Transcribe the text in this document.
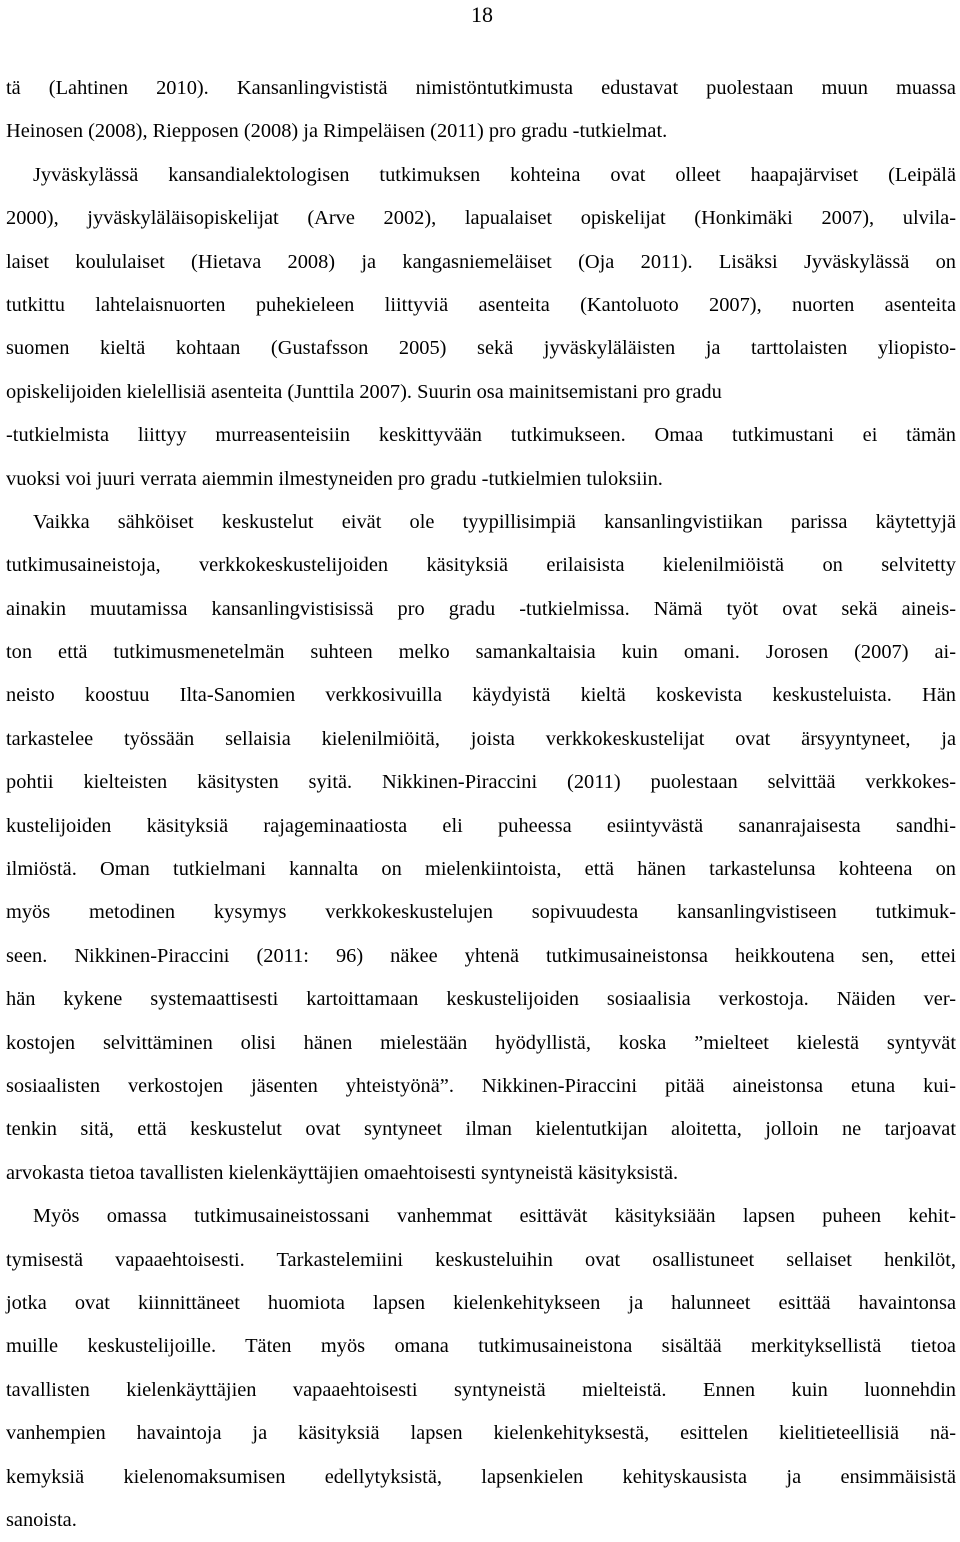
18
tä (Lahtinen 2010). Kansanlingvististä nimistöntutkimusta edustavat puolestaan muun muassa
Heinosen (2008), Riepposen (2008) ja Rimpeläisen (2011) pro gradu -tutkielmat.
Jyväskylässä kansandialektologisen tutkimuksen kohteina ovat olleet haapajärviset (Leipälä
2000), jyväskyläläisopiskelijat (Arve 2002), lapualaiset opiskelijat (Honkimäki 2007), ulvila-
laiset koululaiset (Hietava 2008) ja kangasniemeläiset (Oja 2011). Lisäksi Jyväskylässä on
tutkittu lahtelaisnuorten puhekieleen liittyviä asenteita (Kantoluoto 2007), nuorten asenteita
suomen kieltä kohtaan (Gustafsson 2005) sekä jyväskyläläisten ja tarttolaisten yliopisto-
opiskelijoiden kielellisiä asenteita (Junttila 2007). Suurin osa mainitsemistani pro gradu
-tutkielmista liittyy murreasenteisiin keskittyvään tutkimukseen. Omaa tutkimustani ei tämän
vuoksi voi juuri verrata aiemmin ilmestyneiden pro gradu -tutkielmien tuloksiin.
Vaikka sähköiset keskustelut eivät ole tyypillisimpiä kansanlingvistiikan parissa käytettyjä
tutkimusaineistoja, verkkokeskustelijoiden käsityksiä erilaisista kielenilmiöistä on selvitetty
ainakin muutamissa kansanlingvistisissä pro gradu -tutkielmissa. Nämä työt ovat sekä aineis-
ton että tutkimusmenetelmän suhteen melko samankaltaisia kuin omani. Jorosen (2007) ai-
neisto koostuu Ilta-Sanomien verkkosivuilla käydyistä kieltä koskevista keskusteluista. Hän
tarkastelee työssään sellaisia kielenilmiöitä, joista verkkokeskustelijat ovat ärsyyntyneet, ja
pohtii kielteisten käsitysten syitä. Nikkinen-Piraccini (2011) puolestaan selvittää verkkokes-
kustelijoiden käsityksiä rajageminaatiosta eli puheessa esiintyvästä sananrajaisesta sandhi-
ilmiöstä. Oman tutkielmani kannalta on mielenkiintoista, että hänen tarkastelunsa kohteena on
myös metodinen kysymys verkkokeskustelujen sopivuudesta kansanlingvistiseen tutkimuk-
seen. Nikkinen-Piraccini (2011: 96) näkee yhtenä tutkimusaineistonsa heikkoutena sen, ettei
hän kykene systemaattisesti kartoittamaan keskustelijoiden sosiaalisia verkostoja. Näiden ver-
kostojen selvittäminen olisi hänen mielestään hyödyllistä, koska ”mielteet kielestä syntyvät
sosiaalisten verkostojen jäsenten yhteistyönä”. Nikkinen-Piraccini pitää aineistonsa etuna kui-
tenkin sitä, että keskustelut ovat syntyneet ilman kielentutkijan aloitetta, jolloin ne tarjoavat
arvokasta tietoa tavallisten kielenkäyttäjien omaehtoisesti syntyneistä käsityksistä.
Myös omassa tutkimusaineistossani vanhemmat esittävät käsityksiään lapsen puheen kehit-
tymisestä vapaaehtoisesti. Tarkastelemiini keskusteluihin ovat osallistuneet sellaiset henkilöt,
jotka ovat kiinnittäneet huomiota lapsen kielenkehitykseen ja halunneet esittää havaintonsa
muille keskustelijoille. Täten myös omana tutkimusaineistona sisältää merkityksellistä tietoa
tavallisten kielenkäyttäjien vapaaehtoisesti syntyneistä mielteistä. Ennen kuin luonnehdin
vanhempien havaintoja ja käsityksiä lapsen kielenkehityksestä, esittelen kielitieteellisiä nä-
kemyksiä kielenomaksumisen edellytyksistä, lapsenkielen kehityskausista ja ensimmäisistä
sanoista.
